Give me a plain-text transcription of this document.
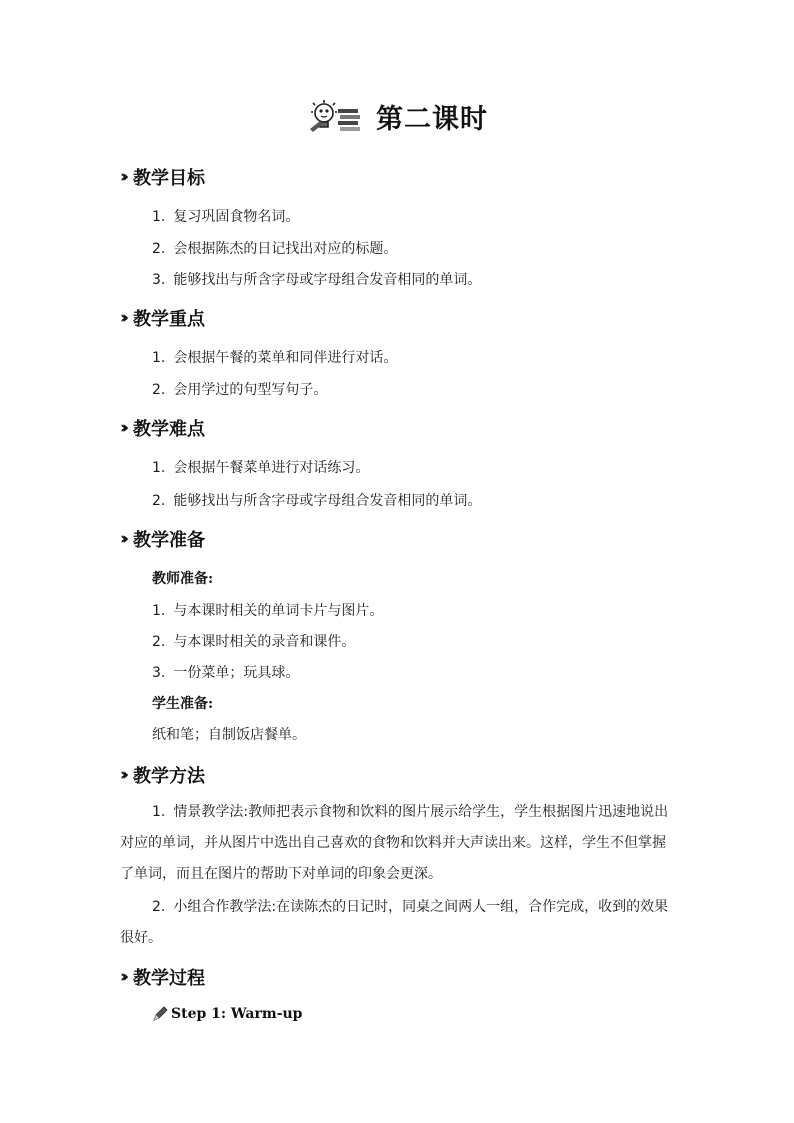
第二课时
›› 教学目标
1. 复习巩固食物名词。
2. 会根据陈杰的日记找出对应的标题。
3. 能够找出与所含字母或字母组合发音相同的单词。
›› 教学重点
1. 会根据午餐的菜单和同伴进行对话。
2. 会用学过的句型写句子。
›› 教学难点
1. 会根据午餐菜单进行对话练习。
2. 能够找出与所含字母或字母组合发音相同的单词。
›› 教学准备
教师准备:
1. 与本课时相关的单词卡片与图片。
2. 与本课时相关的录音和课件。
3. 一份菜单；玩具球。
学生准备:
纸和笔；自制饭店餐单。
›› 教学方法
1. 情景教学法:教师把表示食物和饮料的图片展示给学生，学生根据图片迅速地说出对应的单词，并从图片中选出自己喜欢的食物和饮料并大声读出来。这样，学生不但掌握了单词，而且在图片的帮助下对单词的印象会更深。
2. 小组合作教学法:在读陈杰的日记时，同桌之间两人一组，合作完成，收到的效果很好。
›› 教学过程
Step 1: Warm-up
